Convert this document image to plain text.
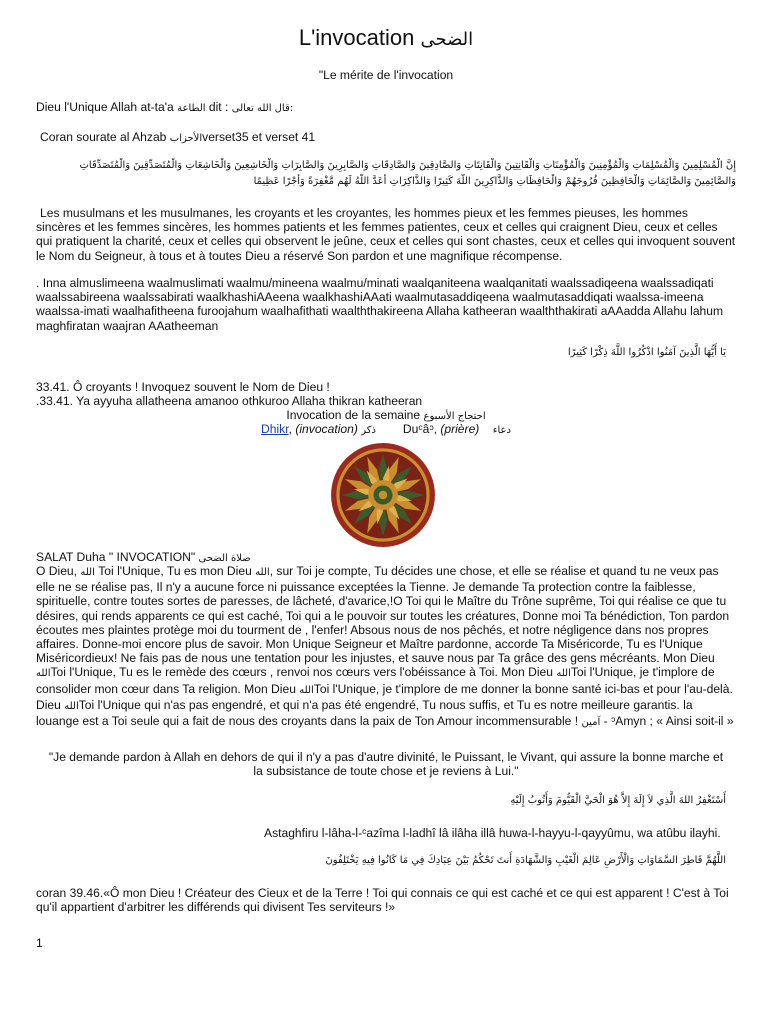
L'invocation الضحى
"Le mérite de l'invocation
Dieu l'Unique Allah at-ta'a الطاعة dit : قال الله تعالى:
Coran sourate al Ahzab الأحزابverset35 et verset 41
إِنَّ الْمُسْلِمِينَ وَالْمُسْلِمَاتِ وَالْمُؤْمِنِينَ وَالْمُؤْمِنَاتِ وَالْقَانِتِينَ وَالْقَانِتَاتِ وَالصَّادِقِينَ وَالصَّادِقَاتِ وَالصَّابِرِينَ وَالصَّابِرَاتِ وَالْخَاشِعِينَ وَالْخَاشِعَاتِ وَالْمُتَصَدِّقِينَ وَالْمُتَصَدِّقَاتِ
وَالصَّائِمِينَ وَالصَّائِمَاتِ وَالْحَافِظِينَ فُرُوجَهُمْ وَالْحَافِظَاتِ وَالذَّاكِرِينَ اللَّهَ كَثِيرًا وَالذَّاكِرَاتِ أَعَدَّ اللَّهُ لَهُم مَّغْفِرَةً وَأَجْرًا عَظِيمًا
Les musulmans et les musulmanes, les croyants et les croyantes, les hommes pieux et les femmes pieuses, les hommes sincères et les femmes sincères, les hommes patients et les femmes patientes, ceux et celles qui craignent Dieu, ceux et celles qui pratiquent la charité, ceux et celles qui observent le jeûne, ceux et celles qui sont chastes, ceux et celles qui invoquent souvent le Nom du Seigneur, à tous et à toutes Dieu a réservé Son pardon et une magnifique récompense.
. Inna almuslimeena waalmuslimati waalmu/mineena waalmu/minati waalqaniteena waalqanitati waalssadiqeena waalssadiqati waalssabireena waalssabirati waalkhashiAAeena waalkhashiAAati waalmutasaddiqeena waalmutasaddiqati waalssa-imeena waalssa-imati waalhafitheena furoojahum waalhafithati waalththakireena Allaha katheeran waalththakirati aAAadda Allahu lahum maghfiratan waajran AAatheeman
يَا أَيُّهَا الَّذِينَ آمَنُوا اذْكُرُوا اللَّهَ ذِكْرًا كَثِيرًا
33.41. Ô croyants ! Invoquez souvent le Nom de Dieu !
.33.41. Ya ayyuha allatheena amanoo othkuroo Allaha thikran katheeran
Invocation de la semaine احتجاج الأسبوع
Dhikr, (invocation) ذكر Duᶜâᵓ, (prière) دعاء
SALAT Duha " INVOCATION" صلاة الضحى
O Dieu, الله Toi l'Unique, Tu es mon Dieu الله, sur Toi je compte, Tu décides une chose, et elle se réalise et quand tu ne veux pas elle ne se réalise pas, Il n'y a aucune force ni puissance exceptées la Tienne. Je demande Ta protection contre la faiblesse, spirituelle, contre toutes sortes de paresses, de lâcheté, d'avarice,!O Toi qui le Maître du Trône suprême, Toi qui réalise ce que tu désires, qui rends apparents ce qui est caché, Toi qui a le pouvoir sur toutes les créatures, Donne moi Ta bénédiction, Ton pardon écoutes mes plaintes protège moi du tourment de , l'enfer! Absous nous de nos pêchés, et notre négligence dans nos propres affaires. Donne-moi encore plus de savoir. Mon Unique Seigneur et Maître pardonne, accorde Ta Miséricorde, Tu es l'Unique Miséricordieux! Ne fais pas de nous une tentation pour les injustes, et sauve nous par Ta grâce des gens mécréants. Mon Dieu اللهToi l'Unique, Tu es le remède des cœurs , renvoi nos cœurs vers l'obéissance à Toi. Mon Dieu اللهToi l'Unique, je t'implore de consolider mon cœur dans Ta religion. Mon Dieu اللهToi l'Unique, je t'implore de me donner la bonne santé ici-bas et pour l'au-delà. Dieu اللهToi l'Unique qui n'as pas engendré, et qui n'a pas été engendré, Tu nous suffis, et Tu es notre meilleure garantis. la louange est a Toi seule qui a fait de nous des croyants dans la paix de Ton Amour incommensurable ! آمين - ᵓAmyn ; « Ainsi soit-il »
"Je demande pardon à Allah en dehors de qui il n'y a pas d'autre divinité, le Puissant, le Vivant, qui assure la bonne marche et la subsistance de toute chose et je reviens à Lui."
أَسْتَغْفِرُ اللهَ الَّذِي لاَ إِلَهَ إِلاَّ هُوَ الْحَيَّ الْقَيُّومَ وَأَتُوبُ إِلَيْهِ
Astaghfiru l-lâha-l-ᶜazîma l-ladhî lâ ilâha illâ huwa-l-hayyu-l-qayyûmu, wa atûbu ilayhi.
اللَّهُمَّ فَاطِرَ السَّمَاوَاتِ وَالْأَرْضِ عَالِمَ الْغَيْبِ وَالشَّهَادَةِ أَنتَ تَحْكُمُ بَيْنَ عِبَادِكَ فِي مَا كَانُوا فِيهِ يَخْتَلِفُونَ
coran 39.46.«Ô mon Dieu ! Créateur des Cieux et de la Terre ! Toi qui connais ce qui est caché et ce qui est apparent ! C'est à Toi qu'il appartient d'arbitrer les différends qui divisent Tes serviteurs !»
1
